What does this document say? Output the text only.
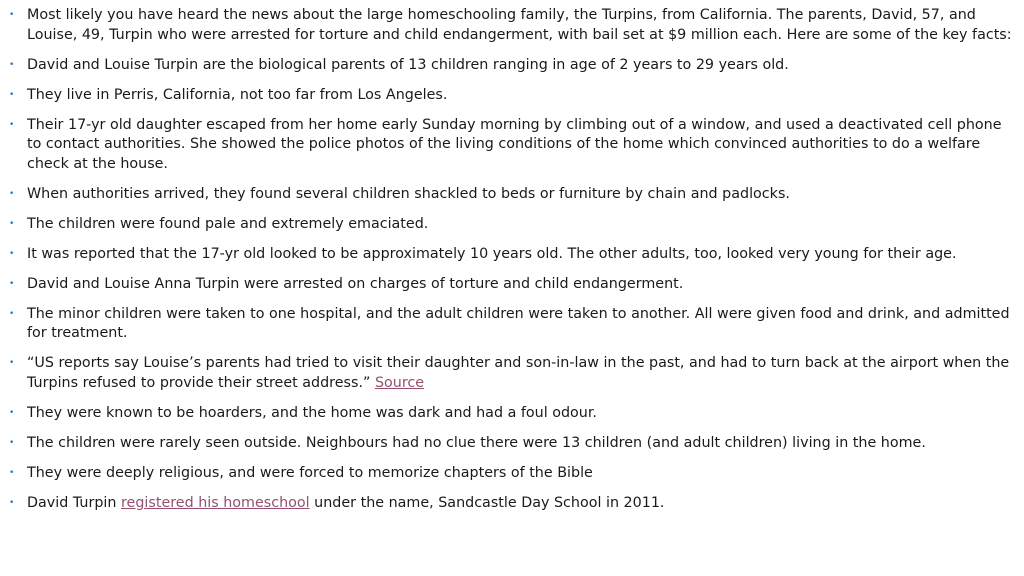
• Most likely you have heard the news about the large homeschooling family, the Turpins, from California. The parents, David, 57, and Louise, 49, Turpin who were arrested for torture and child endangerment, with bail set at $9 million each. Here are some of the key facts:
• David and Louise Turpin are the biological parents of 13 children ranging in age of 2 years to 29 years old.
• They live in Perris, California, not too far from Los Angeles.
• Their 17-yr old daughter escaped from her home early Sunday morning by climbing out of a window, and used a deactivated cell phone to contact authorities. She showed the police photos of the living conditions of the home which convinced authorities to do a welfare check at the house.
• When authorities arrived, they found several children shackled to beds or furniture by chain and padlocks.
• The children were found pale and extremely emaciated.
• It was reported that the 17-yr old looked to be approximately 10 years old. The other adults, too, looked very young for their age.
• David and Louise Anna Turpin were arrested on charges of torture and child endangerment.
• The minor children were taken to one hospital, and the adult children were taken to another. All were given food and drink, and admitted for treatment.
• “US reports say Louise’s parents had tried to visit their daughter and son-in-law in the past, and had to turn back at the airport when the Turpins refused to provide their street address.” Source
• They were known to be hoarders, and the home was dark and had a foul odour.
• The children were rarely seen outside. Neighbours had no clue there were 13 children (and adult children) living in the home.
• They were deeply religious, and were forced to memorize chapters of the Bible
• David Turpin registered his homeschool under the name, Sandcastle Day School in 2011.
